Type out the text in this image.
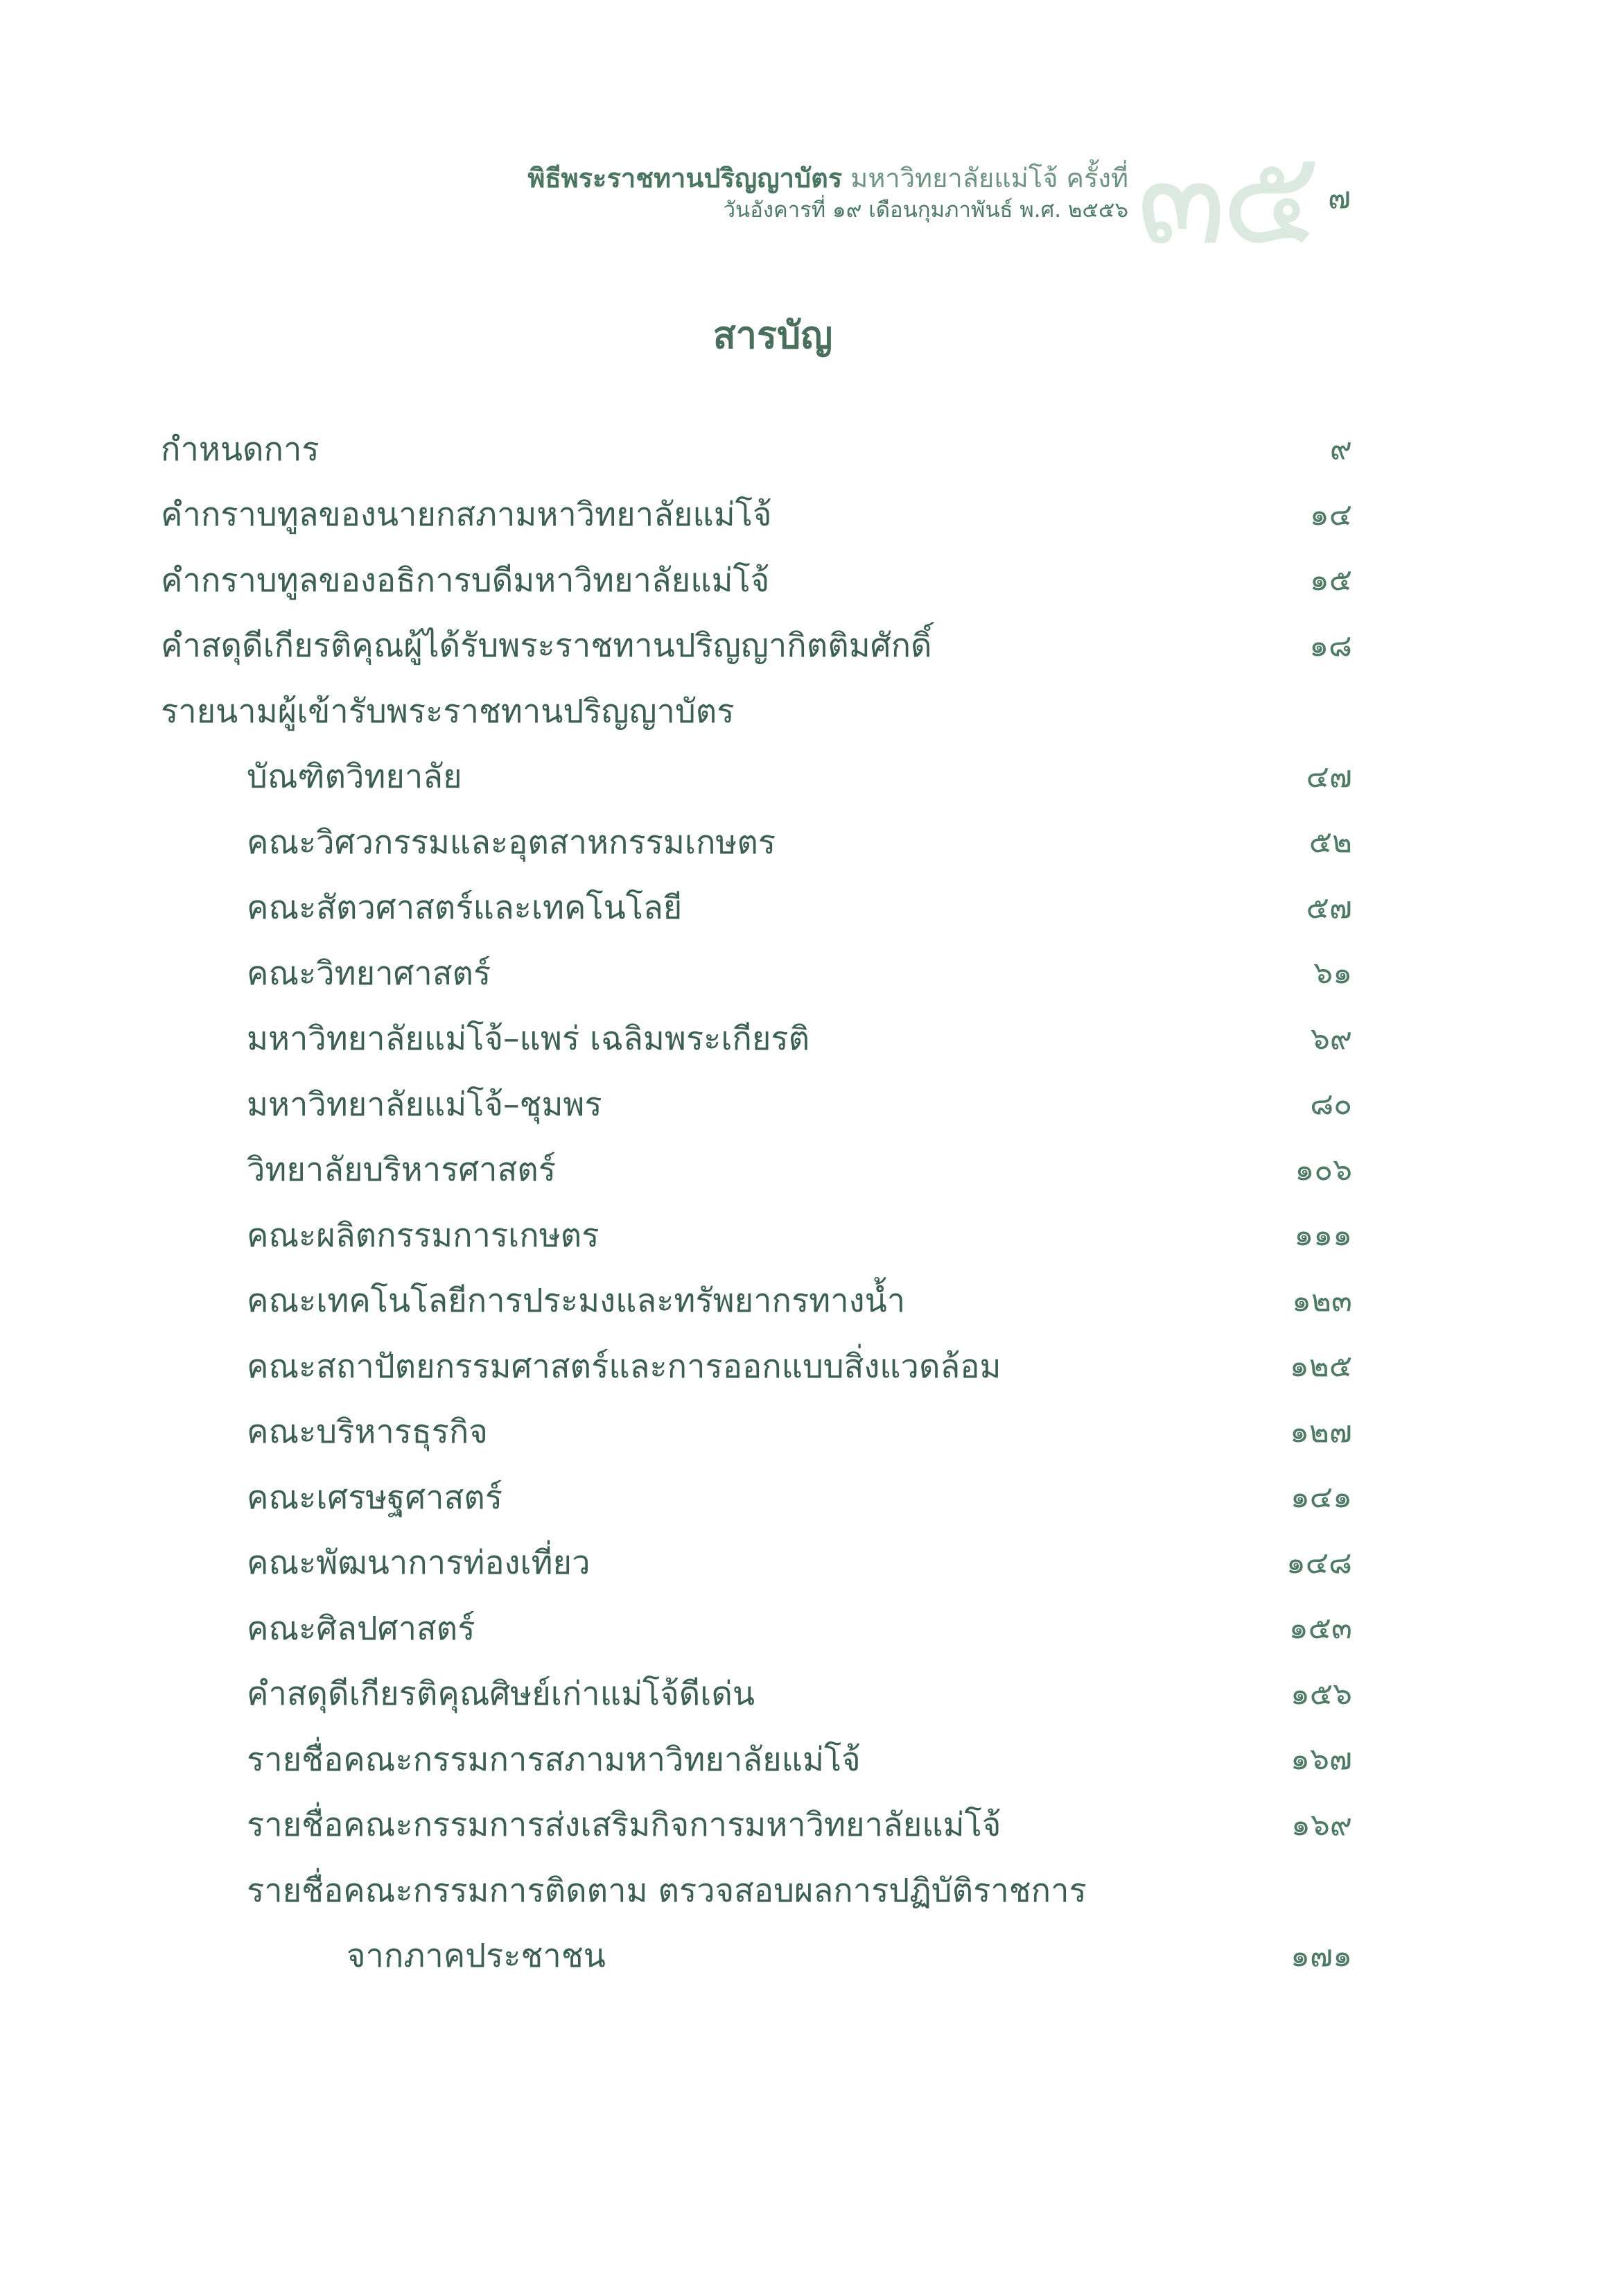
๓๕ ๗
พิธีพระราชทานปริญญาบัตร มหาวิทยาลัยแม่โจ้ ครั้งที่
วันอังคารที่ ๑๙ เดือนกุมภาพันธ์ พ.ศ. ๒๕๕๖
สารบัญ
กำหนดการ	๙
คำกราบทูลของนายกสภามหาวิทยาลัยแม่โจ้	๑๔
คำกราบทูลของอธิการบดีมหาวิทยาลัยแม่โจ้	๑๕
คำสดุดีเกียรติคุณผู้ได้รับพระราชทานปริญญากิตติมศักดิ์	๑๘
รายนามผู้เข้ารับพระราชทานปริญญาบัตร
บัณฑิตวิทยาลัย	๔๗
คณะวิศวกรรมและอุตสาหกรรมเกษตร	๕๒
คณะสัตวศาสตร์และเทคโนโลยี	๕๗
คณะวิทยาศาสตร์	๖๑
มหาวิทยาลัยแม่โจ้–แพร่ เฉลิมพระเกียรติ	๖๙
มหาวิทยาลัยแม่โจ้–ชุมพร	๘๐
วิทยาลัยบริหารศาสตร์	๑๐๖
คณะผลิตกรรมการเกษตร	๑๑๑
คณะเทคโนโลยีการประมงและทรัพยากรทางน้ำ	๑๒๓
คณะสถาปัตยกรรมศาสตร์และการออกแบบสิ่งแวดล้อม	๑๒๕
คณะบริหารธุรกิจ	๑๒๗
คณะเศรษฐศาสตร์	๑๔๑
คณะพัฒนาการท่องเที่ยว	๑๔๘
คณะศิลปศาสตร์	๑๕๓
คำสดุดีเกียรติคุณศิษย์เก่าแม่โจ้ดีเด่น	๑๕๖
รายชื่อคณะกรรมการสภามหาวิทยาลัยแม่โจ้	๑๖๗
รายชื่อคณะกรรมการส่งเสริมกิจการมหาวิทยาลัยแม่โจ้	๑๖๙
รายชื่อคณะกรรมการติดตาม ตรวจสอบผลการปฏิบัติราชการ
จากภาคประชาชน	๑๗๑
